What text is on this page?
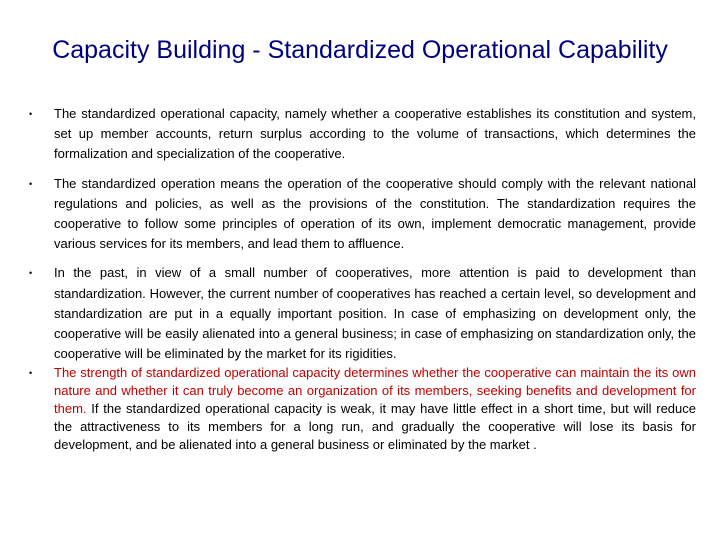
Capacity Building - Standardized Operational Capability
• The standardized operational capacity, namely whether a cooperative establishes its constitution and system, set up member accounts, return surplus according to the volume of transactions, which determines the formalization and specialization of the cooperative.
• The standardized operation means the operation of the cooperative should comply with the relevant national regulations and policies, as well as the provisions of the constitution. The standardization requires the cooperative to follow some principles of operation of its own, implement democratic management, provide various services for its members, and lead them to affluence.
• In the past, in view of a small number of cooperatives, more attention is paid to development than standardization. However, the current number of cooperatives has reached a certain level, so development and standardization are put in a equally important position. In case of emphasizing on development only, the cooperative will be easily alienated into a general business; in case of emphasizing on standardization only, the cooperative will be eliminated by the market for its rigidities.
• The strength of standardized operational capacity determines whether the cooperative can maintain the its own nature and whether it can truly become an organization of its members, seeking benefits and development for them. If the standardized operational capacity is weak, it may have little effect in a short time, but will reduce the attractiveness to its members for a long run, and gradually the cooperative will lose its basis for development, and be alienated into a general business or eliminated by the market .
